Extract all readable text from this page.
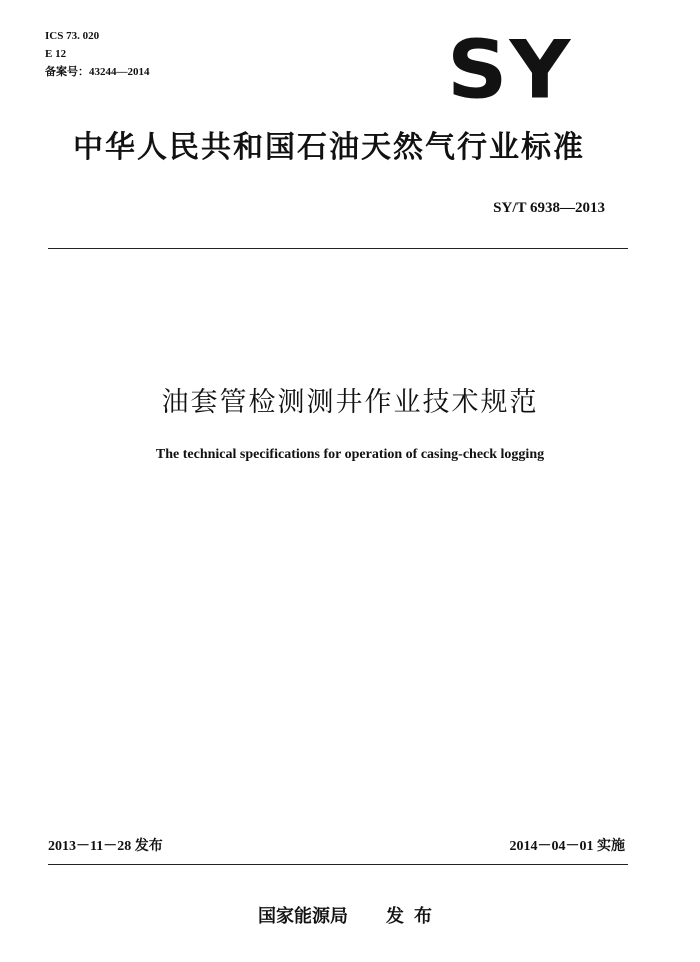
ICS 73. 020
E 12
备案号：43244—2014	SY
中华人民共和国石油天然气行业标准
SY/T 6938—2013
油套管检测测井作业技术规范
The technical specifications for operation of casing-check logging
2013－11－28 发布	2014－04－01 实施
国家能源局 发布
